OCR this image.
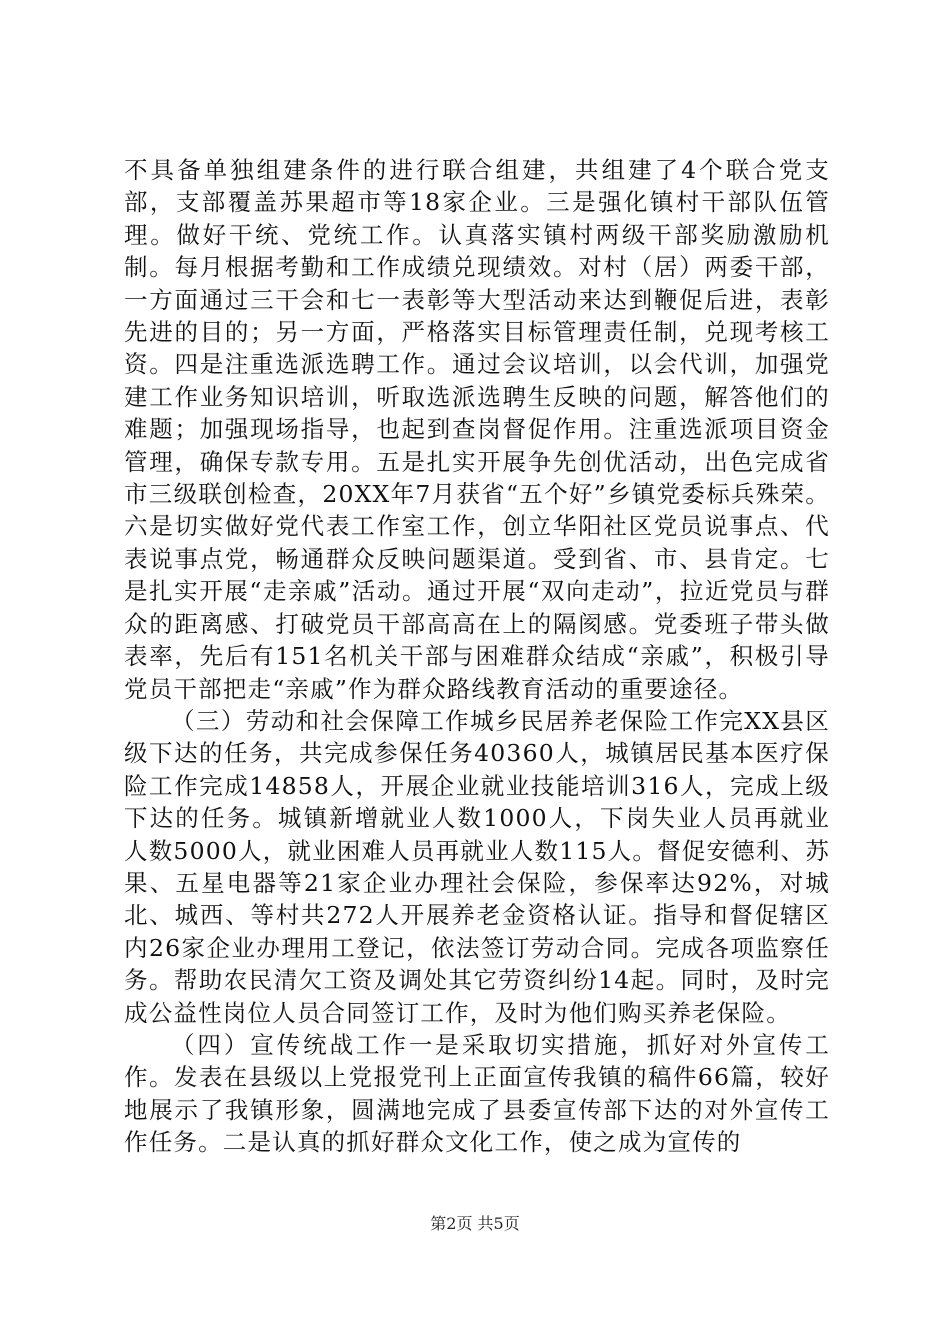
不具备单独组建条件的进行联合组建，共组建了4个联合党支部，支部覆盖苏果超市等18家企业。三是强化镇村干部队伍管理。做好干统、党统工作。认真落实镇村两级干部奖励激励机制。每月根据考勤和工作成绩兑现绩效。对村（居）两委干部，一方面通过三干会和七一表彰等大型活动来达到鞭促后进，表彰先进的目的；另一方面，严格落实目标管理责任制，兑现考核工资。四是注重选派选聘工作。通过会议培训，以会代训，加强党建工作业务知识培训，听取选派选聘生反映的问题，解答他们的难题；加强现场指导，也起到查岗督促作用。注重选派项目资金管理，确保专款专用。五是扎实开展争先创优活动，出色完成省市三级联创检查，20XX年7月获省“五个好”乡镇党委标兵殊荣。六是切实做好党代表工作室工作，创立华阳社区党员说事点、代表说事点党，畅通群众反映问题渠道。受到省、市、县肯定。七是扎实开展“走亲戚”活动。通过开展“双向走动”，拉近党员与群众的距离感、打破党员干部高高在上的隔阂感。党委班子带头做表率，先后有151名机关干部与困难群众结成“亲戚”，积极引导党员干部把走“亲戚”作为群众路线教育活动的重要途径。

（三）劳动和社会保障工作城乡民居养老保险工作完XX县区级下达的任务，共完成参保任务40360人，城镇居民基本医疗保险工作完成14858人，开展企业就业技能培训316人，完成上级下达的任务。城镇新增就业人数1000人，下岗失业人员再就业人数5000人，就业困难人员再就业人数115人。督促安德利、苏果、五星电器等21家企业办理社会保险，参保率达92%，对城北、城西、等村共272人开展养老金资格认证。指导和督促辖区内26家企业办理用工登记，依法签订劳动合同。完成各项监察任务。帮助农民清欠工资及调处其它劳资纠纷14起。同时，及时完成公益性岗位人员合同签订工作，及时为他们购买养老保险。

（四）宣传统战工作一是采取切实措施，抓好对外宣传工作。发表在县级以上党报党刊上正面宣传我镇的稿件66篇，较好地展示了我镇形象，圆满地完成了县委宣传部下达的对外宣传工作任务。二是认真的抓好群众文化工作，使之成为宣传的

第2页 共5页
